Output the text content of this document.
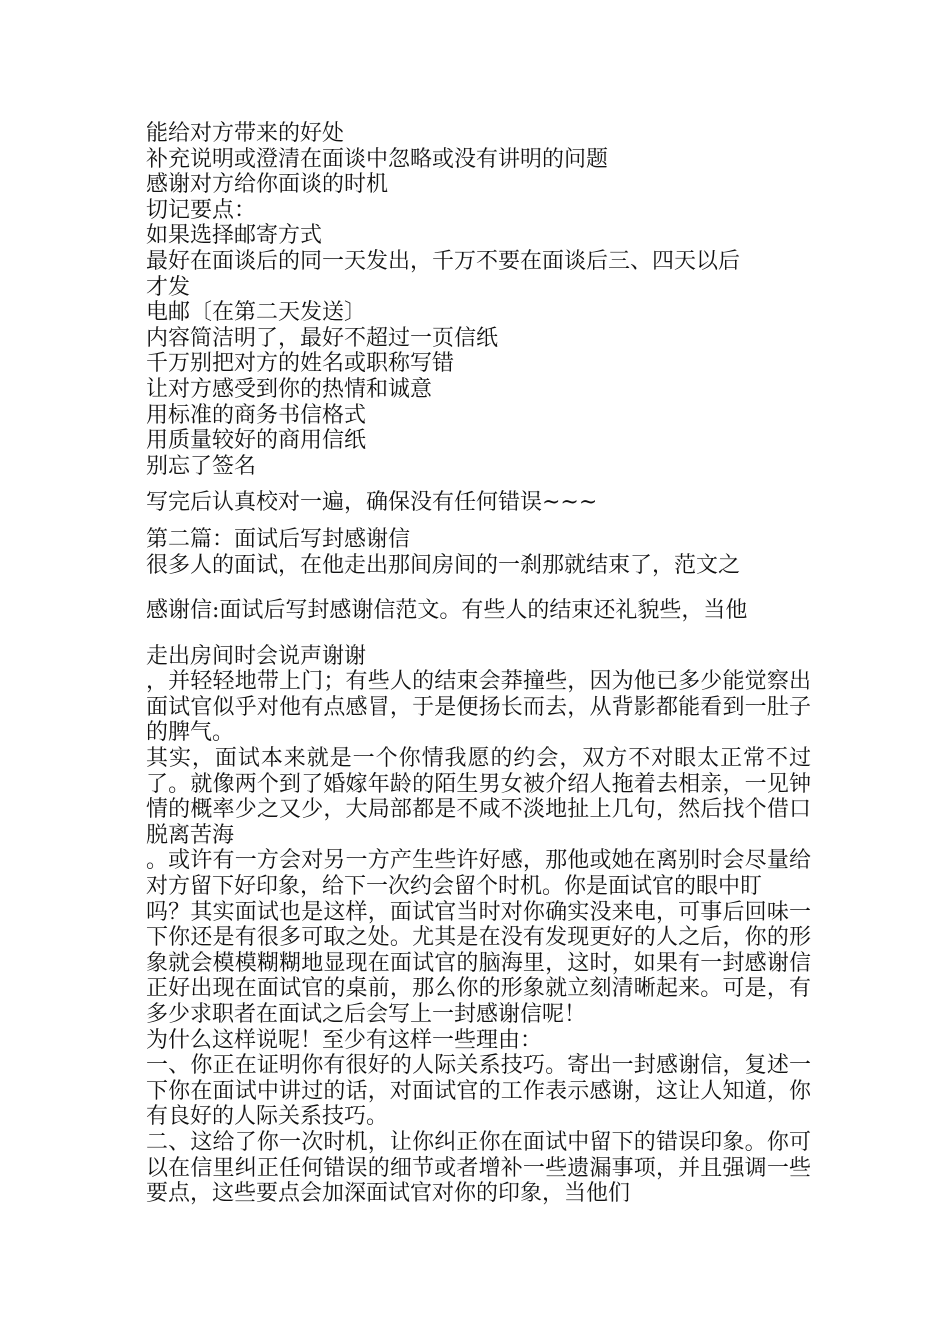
能给对方带来的好处
补充说明或澄清在面谈中忽略或没有讲明的问题
感谢对方给你面谈的时机
切记要点：
如果选择邮寄方式
最好在面谈后的同一天发出，千万不要在面谈后三、四天以后
才发
电邮〔在第二天发送〕
内容简洁明了，最好不超过一页信纸
千万别把对方的姓名或职称写错
让对方感受到你的热情和诚意
用标准的商务书信格式
用质量较好的商用信纸
别忘了签名
写完后认真校对一遍，确保没有任何错误~~~
第二篇：面试后写封感谢信
很多人的面试，在他走出那间房间的一刹那就结束了，范文之
感谢信:面试后写封感谢信范文。有些人的结束还礼貌些，当他
走出房间时会说声谢谢

，并轻轻地带上门；有些人的结束会莽撞些，因为他已多少能觉察出面试官似乎对他有点感冒，于是便扬长而去，从背影都能看到一肚子的脾气。

其实，面试本来就是一个你情我愿的约会，双方不对眼太正常不过了。就像两个到了婚嫁年龄的陌生男女被介绍人拖着去相亲，一见钟情的概率少之又少，大局部都是不咸不淡地扯上几句，然后找个借口脱离苦海

。或许有一方会对另一方产生些许好感，那他或她在离别时会尽量给对方留下好印象，给下一次约会留个时机。你是面试官的眼中盯

吗？其实面试也是这样，面试官当时对你确实没来电，可事后回味一下你还是有很多可取之处。尤其是在没有发现更好的人之后，你的形象就会模模糊糊地显现在面试官的脑海里，这时，如果有一封感谢信正好出现在面试官的桌前，那么你的形象就立刻清晰起来。可是，有多少求职者在面试之后会写上一封感谢信呢！

为什么这样说呢！至少有这样一些理由：

一、你正在证明你有很好的人际关系技巧。寄出一封感谢信，复述一下你在面试中讲过的话，对面试官的工作表示感谢，这让人知道，你有良好的人际关系技巧。

二、这给了你一次时机，让你纠正你在面试中留下的错误印象。你可以在信里纠正任何错误的细节或者增补一些遗漏事项，并且强调一些要点，这些要点会加深面试官对你的印象，当他们
